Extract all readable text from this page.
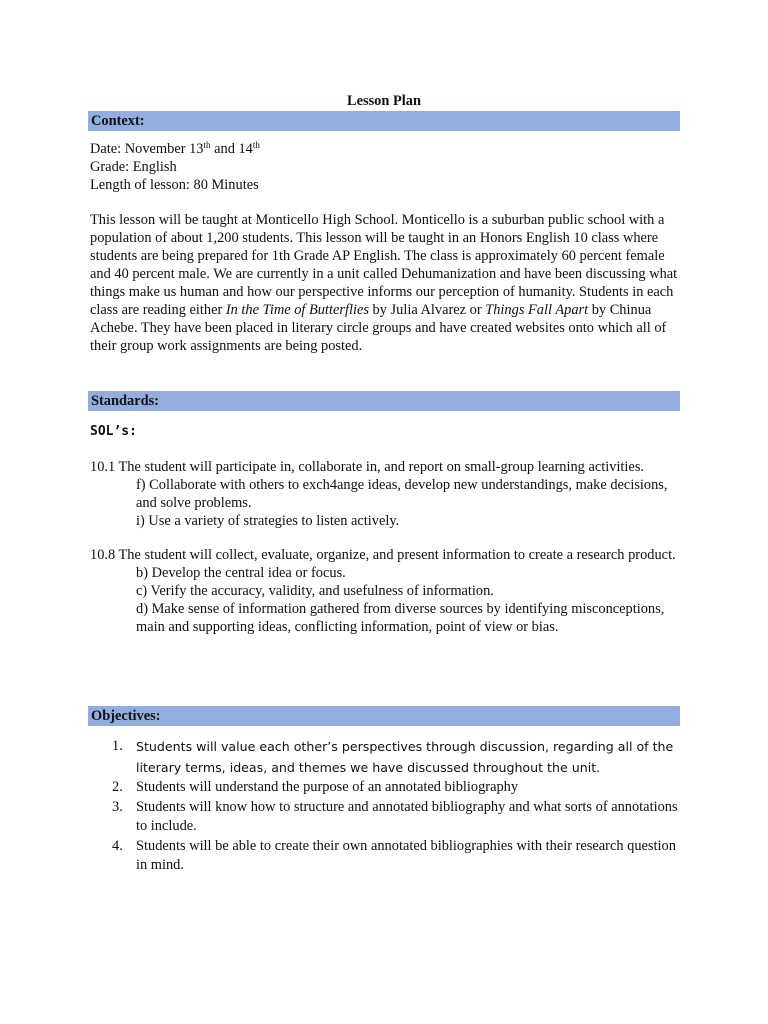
Lesson Plan
Context:

Date: November 13th and 14th

Grade: English

Length of lesson: 80 Minutes

This lesson will be taught at Monticello High School. Monticello is a suburban public school with a population of about 1,200 students. This lesson will be taught in an Honors English 10 class where students are being prepared for 1th Grade AP English. The class is approximately 60 percent female and 40 percent male. We are currently in a unit called Dehumanization and have been discussing what things make us human and how our perspective informs our perception of humanity. Students in each class are reading either In the Time of Butterflies by Julia Alvarez or Things Fall Apart by Chinua Achebe. They have been placed in literary circle groups and have created websites onto which all of their group work assignments are being posted.

Standards:

SOL’s:

10.1 The student will participate in, collaborate in, and report on small-group learning activities.

f) Collaborate with others to exch4ange ideas, develop new understandings, make decisions, and solve problems.

i) Use a variety of strategies to listen actively.

10.8 The student will collect, evaluate, organize, and present information to create a research product.

b) Develop the central idea or focus.

c) Verify the accuracy, validity, and usefulness of information.

d) Make sense of information gathered from diverse sources by identifying misconceptions, main and supporting ideas, conflicting information, point of view or bias.

Objectives:
1. Students will value each other’s perspectives through discussion, regarding all of the literary terms, ideas, and themes we have discussed throughout the unit.
2. Students will understand the purpose of an annotated bibliography
3. Students will know how to structure and annotated bibliography and what sorts of annotations to include.
4. Students will be able to create their own annotated bibliographies with their research question in mind.
